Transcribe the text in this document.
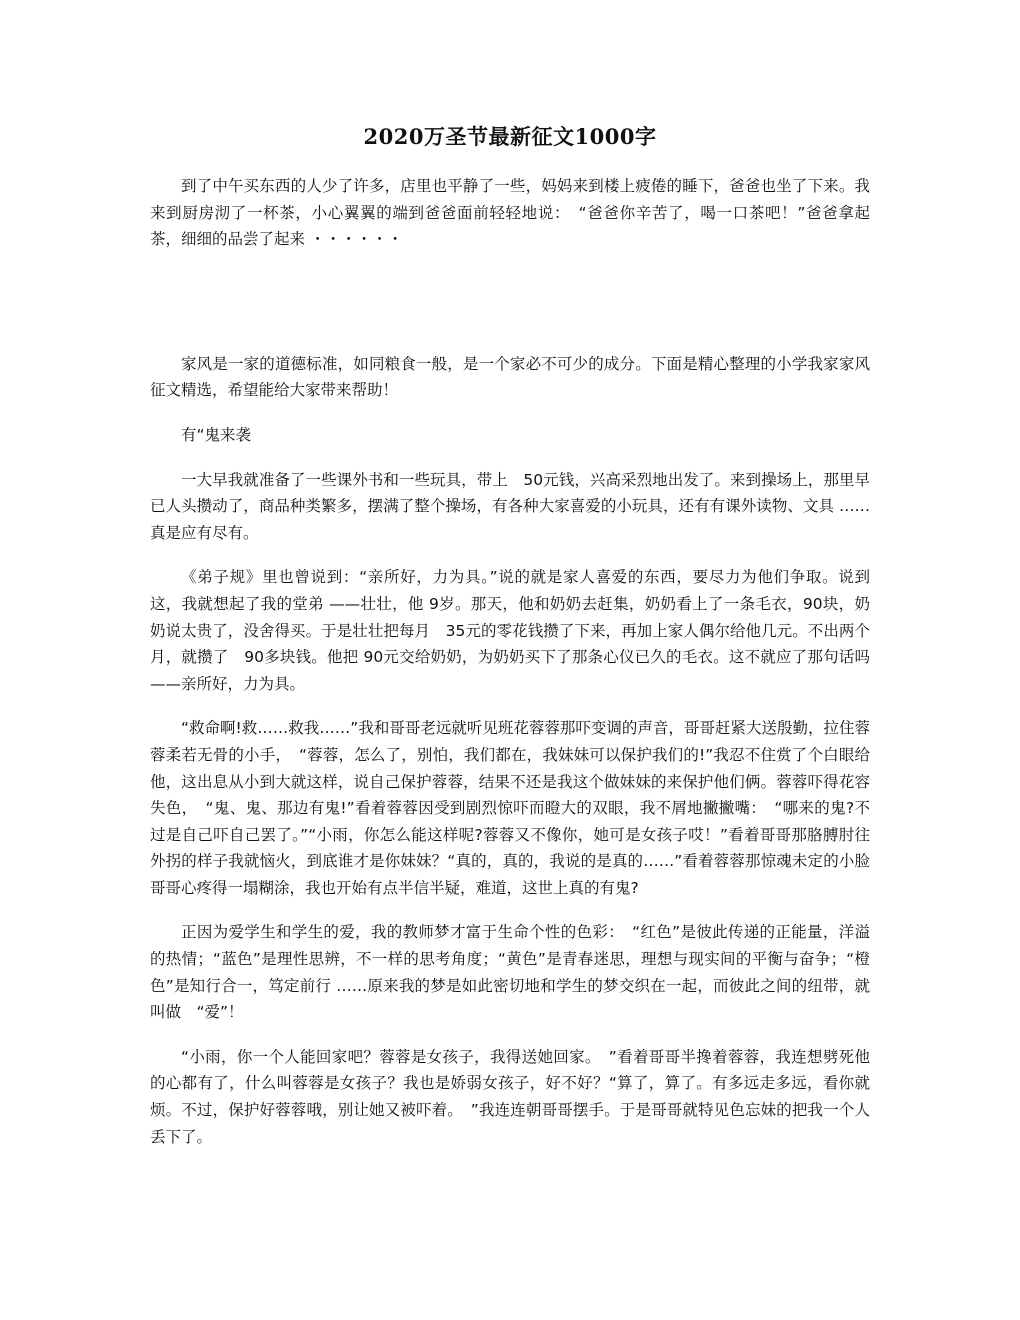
2020万圣节最新征文1000字

到了中午买东西的人少了许多，店里也平静了一些，妈妈来到楼上疲倦的睡下，爸爸也坐了下来。我来到厨房沏了一杯茶，小心翼翼的端到爸爸面前轻轻地说：　“爸爸你辛苦了，喝一口茶吧！”爸爸拿起茶，细细的品尝了起来 ・・・・・・

家风是一家的道德标准，如同粮食一般，是一个家必不可少的成分。下面是精心整理的小学我家家风征文精选，希望能给大家带来帮助！

有“鬼来袭

一大早我就准备了一些课外书和一些玩具，带上　50元钱，兴高采烈地出发了。来到操场上，那里早已人头攒动了，商品种类繁多，摆满了整个操场，有各种大家喜爱的小玩具，还有有课外读物、文具 ……真是应有尽有。

《弟子规》里也曾说到：“亲所好，力为具。”说的就是家人喜爱的东西，要尽力为他们争取。说到这，我就想起了我的堂弟 ——壮壮，他 9岁。那天，他和奶奶去赶集，奶奶看上了一条毛衣，90块，奶奶说太贵了，没舍得买。于是壮壮把每月　35元的零花钱攒了下来，再加上家人偶尔给他几元。不出两个月，就攒了　90多块钱。他把 90元交给奶奶，为奶奶买下了那条心仪已久的毛衣。这不就应了那句话吗 ——亲所好，力为具。

“救命啊!救……救我……”我和哥哥老远就听见班花蓉蓉那吓变调的声音，哥哥赶紧大送殷勤，拉住蓉蓉柔若无骨的小手，　“蓉蓉，怎么了，别怕，我们都在，我妹妹可以保护我们的!”我忍不住赏了个白眼给他，这出息从小到大就这样，说自己保护蓉蓉，结果不还是我这个做妹妹的来保护他们俩。蓉蓉吓得花容失色，　“鬼、鬼、那边有鬼!”看着蓉蓉因受到剧烈惊吓而瞪大的双眼，我不屑地撇撇嘴：　“哪来的鬼?不过是自己吓自己罢了。”“小雨，你怎么能这样呢?蓉蓉又不像你，她可是女孩子哎！”看着哥哥那胳膊肘往外拐的样子我就恼火，到底谁才是你妹妹？“真的，真的，我说的是真的……”看着蓉蓉那惊魂未定的小脸哥哥心疼得一塌糊涂，我也开始有点半信半疑，难道，这世上真的有鬼?

正因为爱学生和学生的爱，我的教师梦才富于生命个性的色彩：　“红色”是彼此传递的正能量，洋溢的热情；“蓝色”是理性思辨，不一样的思考角度；“黄色”是青春迷思，理想与现实间的平衡与奋争；“橙色”是知行合一，笃定前行 ……原来我的梦是如此密切地和学生的梦交织在一起，而彼此之间的纽带，就叫做　“爱”！

“小雨，你一个人能回家吧？蓉蓉是女孩子，我得送她回家。　”看着哥哥半搀着蓉蓉，我连想劈死他的心都有了，什么叫蓉蓉是女孩子？我也是娇弱女孩子，好不好？“算了，算了。有多远走多远，看你就烦。不过，保护好蓉蓉哦，别让她又被吓着。　”我连连朝哥哥摆手。于是哥哥就特见色忘妹的把我一个人丢下了。
